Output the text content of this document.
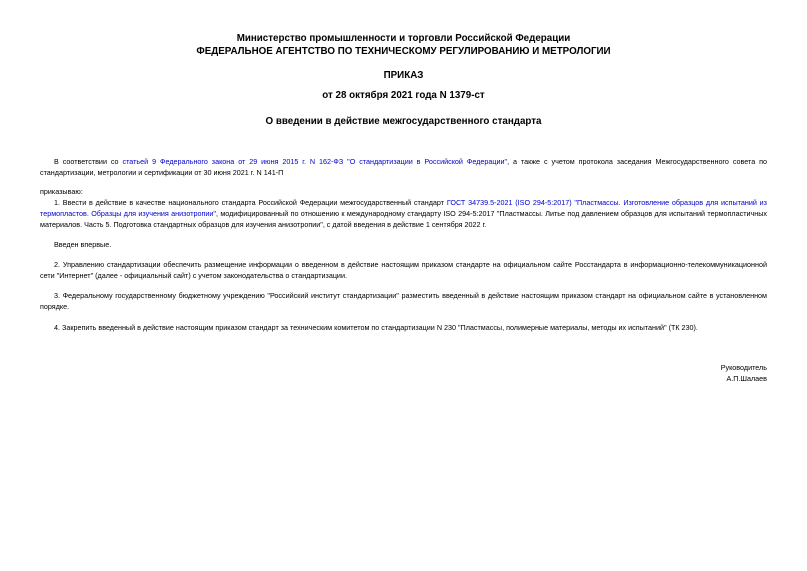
Министерство промышленности и торговли Российской Федерации
ФЕДЕРАЛЬНОЕ АГЕНТСТВО ПО ТЕХНИЧЕСКОМУ РЕГУЛИРОВАНИЮ И МЕТРОЛОГИИ
ПРИКАЗ
от 28 октября 2021 года N 1379-ст
О введении в действие межгосударственного стандарта
В соответствии со статьей 9 Федерального закона от 29 июня 2015 г. N 162-ФЗ "О стандартизации в Российской Федерации", а также с учетом протокола заседания Межгосударственного совета по стандартизации, метрологии и сертификации от 30 июня 2021 г. N 141-П
приказываю:
1. Ввести в действие в качестве национального стандарта Российской Федерации межгосударственный стандарт ГОСТ 34739.5-2021 (ISO 294-5:2017) "Пластмассы. Изготовление образцов для испытаний из термопластов. Образцы для изучения анизотропии", модифицированный по отношению к международному стандарту ISO 294-5:2017 "Пластмассы. Литье под давлением образцов для испытаний термопластичных материалов. Часть 5. Подготовка стандартных образцов для изучения анизотропии", с датой введения в действие 1 сентября 2022 г.
Введен впервые.
2. Управлению стандартизации обеспечить размещение информации о введенном в действие настоящим приказом стандарте на официальном сайте Росстандарта в информационно-телекоммуникационной сети "Интернет" (далее - официальный сайт) с учетом законодательства о стандартизации.
3. Федеральному государственному бюджетному учреждению "Российский институт стандартизации" разместить введенный в действие настоящим приказом стандарт на официальном сайте в установленном порядке.
4. Закрепить введенный в действие настоящим приказом стандарт за техническим комитетом по стандартизации N 230 "Пластмассы, полимерные материалы, методы их испытаний" (ТК 230).
Руководитель
А.П.Шалаев
